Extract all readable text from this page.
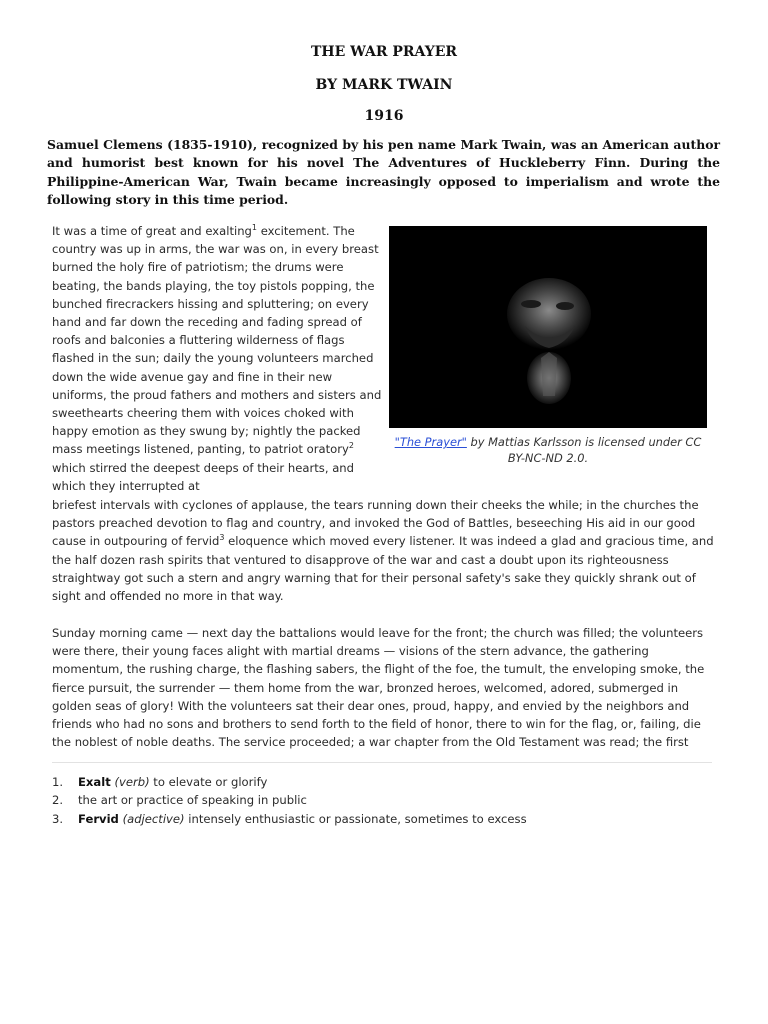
THE WAR PRAYER
BY MARK TWAIN
1916

Samuel Clemens (1835-1910), recognized by his pen name Mark Twain, was an American author and humorist best known for his novel The Adventures of Huckleberry Finn. During the Philippine-American War, Twain became increasingly opposed to imperialism and wrote the following story in this time period.

It was a time of great and exalting$^1$ excitement. The country was up in arms, the war was on, in every breast burned the holy fire of patriotism; the drums were beating, the bands playing, the toy pistols popping, the bunched firecrackers hissing and spluttering; on every hand and far down the receding and fading spread of roofs and balconies a fluttering wilderness of flags flashed in the sun; daily the young volunteers marched down the wide avenue gay and fine in their new uniforms, the proud fathers and mothers and sisters and sweethearts cheering them with voices choked with happy emotion as they swung by; nightly the packed mass meetings listened, panting, to patriot oratory$^2$ which stirred the deepest deeps of their hearts, and which they interrupted at

"The Prayer" by Mattias Karlsson is licensed under CC BY-NC-ND 2.0.

briefest intervals with cyclones of applause, the tears running down their cheeks the while; in the churches the pastors preached devotion to flag and country, and invoked the God of Battles, beseeching His aid in our good cause in outpouring of fervid$^3$ eloquence which moved every listener. It was indeed a glad and gracious time, and the half dozen rash spirits that ventured to disapprove of the war and cast a doubt upon its righteousness straightway got such a stern and angry warning that for their personal safety's sake they quickly shrank out of sight and offended no more in that way.

Sunday morning came — next day the battalions would leave for the front; the church was filled; the volunteers were there, their young faces alight with martial dreams — visions of the stern advance, the gathering momentum, the rushing charge, the flashing sabers, the flight of the foe, the tumult, the enveloping smoke, the fierce pursuit, the surrender — them home from the war, bronzed heroes, welcomed, adored, submerged in golden seas of glory! With the volunteers sat their dear ones, proud, happy, and envied by the neighbors and friends who had no sons and brothers to send forth to the field of honor, there to win for the flag, or, failing, die the noblest of noble deaths. The service proceeded; a war chapter from the Old Testament was read; the first

1. Exalt (verb) to elevate or glorify
2. the art or practice of speaking in public
3. Fervid (adjective) intensely enthusiastic or passionate, sometimes to excess
